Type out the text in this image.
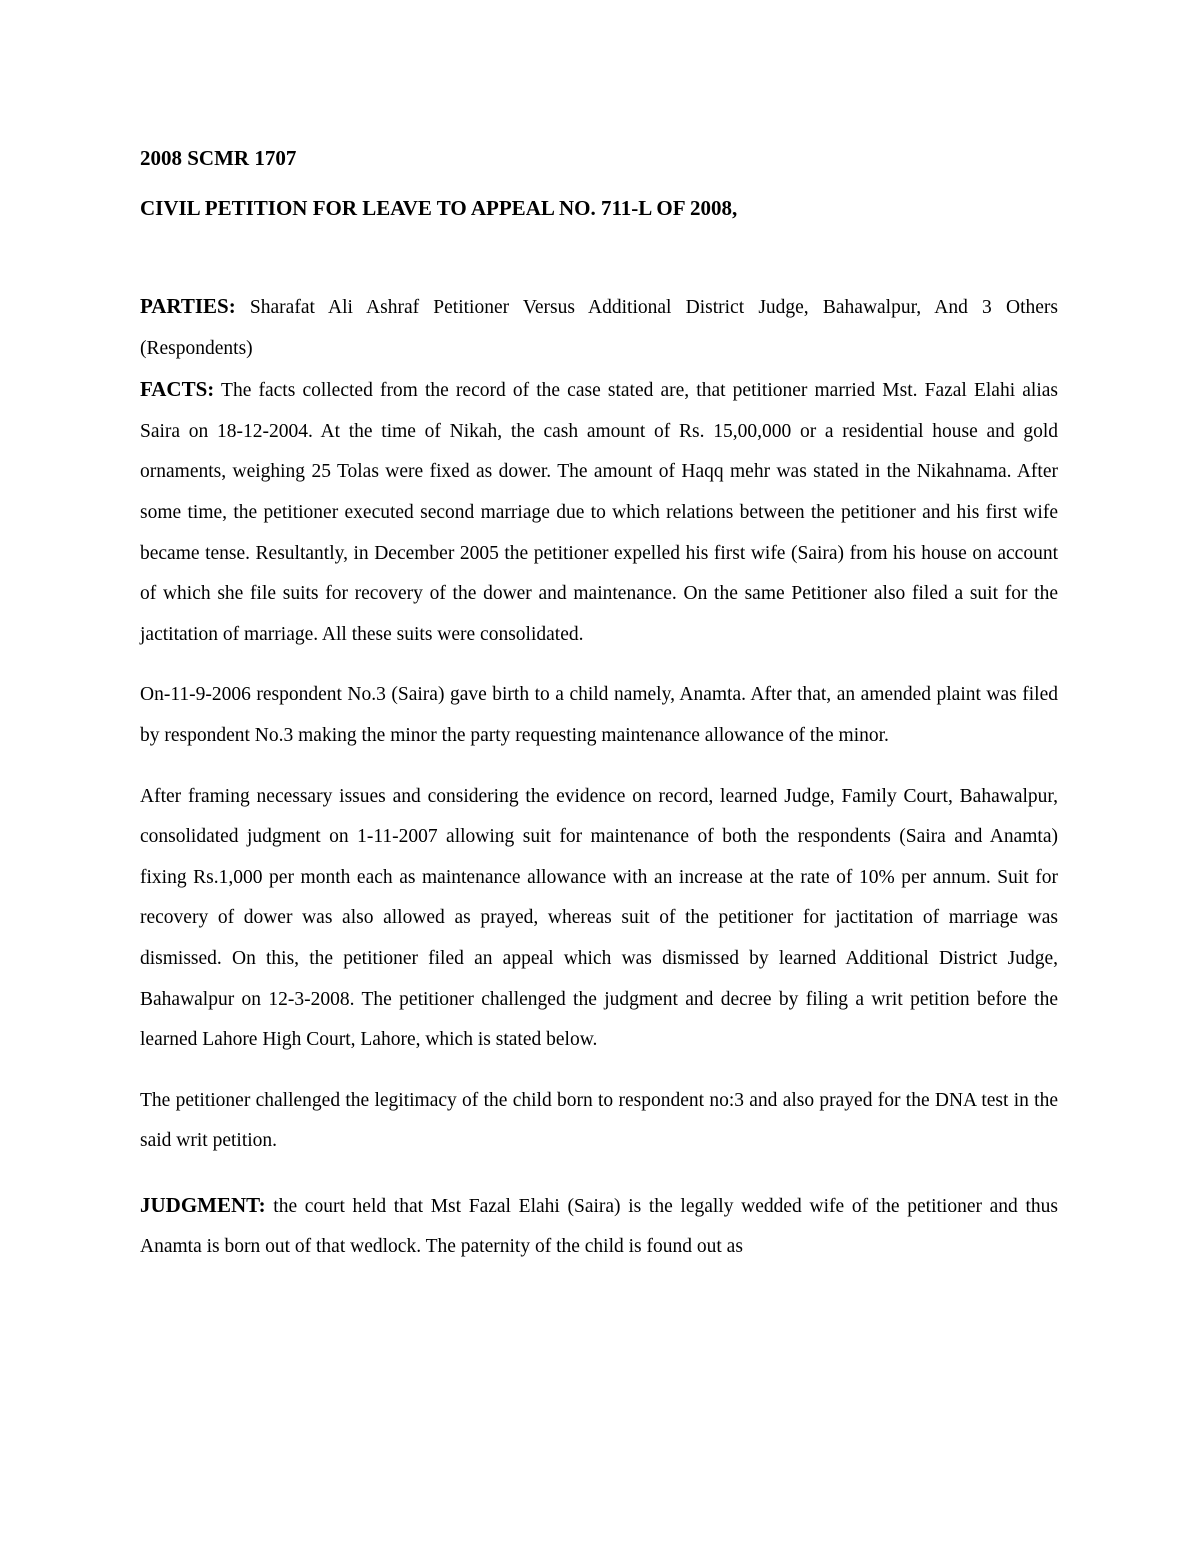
2008 SCMR 1707
CIVIL PETITION FOR LEAVE TO APPEAL NO. 711-L OF 2008,

PARTIES: Sharafat Ali Ashraf Petitioner Versus Additional District Judge, Bahawalpur, And 3 Others (Respondents)

FACTS: The facts collected from the record of the case stated are, that petitioner married Mst. Fazal Elahi alias Saira on 18-12-2004. At the time of Nikah, the cash amount of Rs. 15,00,000 or a residential house and gold ornaments, weighing 25 Tolas were fixed as dower. The amount of Haqq mehr was stated in the Nikahnama. After some time, the petitioner executed second marriage due to which relations between the petitioner and his first wife became tense. Resultantly, in December 2005 the petitioner expelled his first wife (Saira) from his house on account of which she file suits for recovery of the dower and maintenance. On the same Petitioner also filed a suit for the jactitation of marriage. All these suits were consolidated.

On-11-9-2006 respondent No.3 (Saira) gave birth to a child namely, Anamta. After that, an amended plaint was filed by respondent No.3 making the minor the party requesting maintenance allowance of the minor.

After framing necessary issues and considering the evidence on record, learned Judge, Family Court, Bahawalpur, consolidated judgment on 1-11-2007 allowing suit for maintenance of both the respondents (Saira and Anamta) fixing Rs.1,000 per month each as maintenance allowance with an increase at the rate of 10% per annum. Suit for recovery of dower was also allowed as prayed, whereas suit of the petitioner for jactitation of marriage was dismissed. On this, the petitioner filed an appeal which was dismissed by learned Additional District Judge, Bahawalpur on 12-3-2008. The petitioner challenged the judgment and decree by filing a writ petition before the learned Lahore High Court, Lahore, which is stated below.

The petitioner challenged the legitimacy of the child born to respondent no:3 and also prayed for the DNA test in the said writ petition.

JUDGMENT: the court held that Mst Fazal Elahi (Saira) is the legally wedded wife of the petitioner and thus Anamta is born out of that wedlock. The paternity of the child is found out as
